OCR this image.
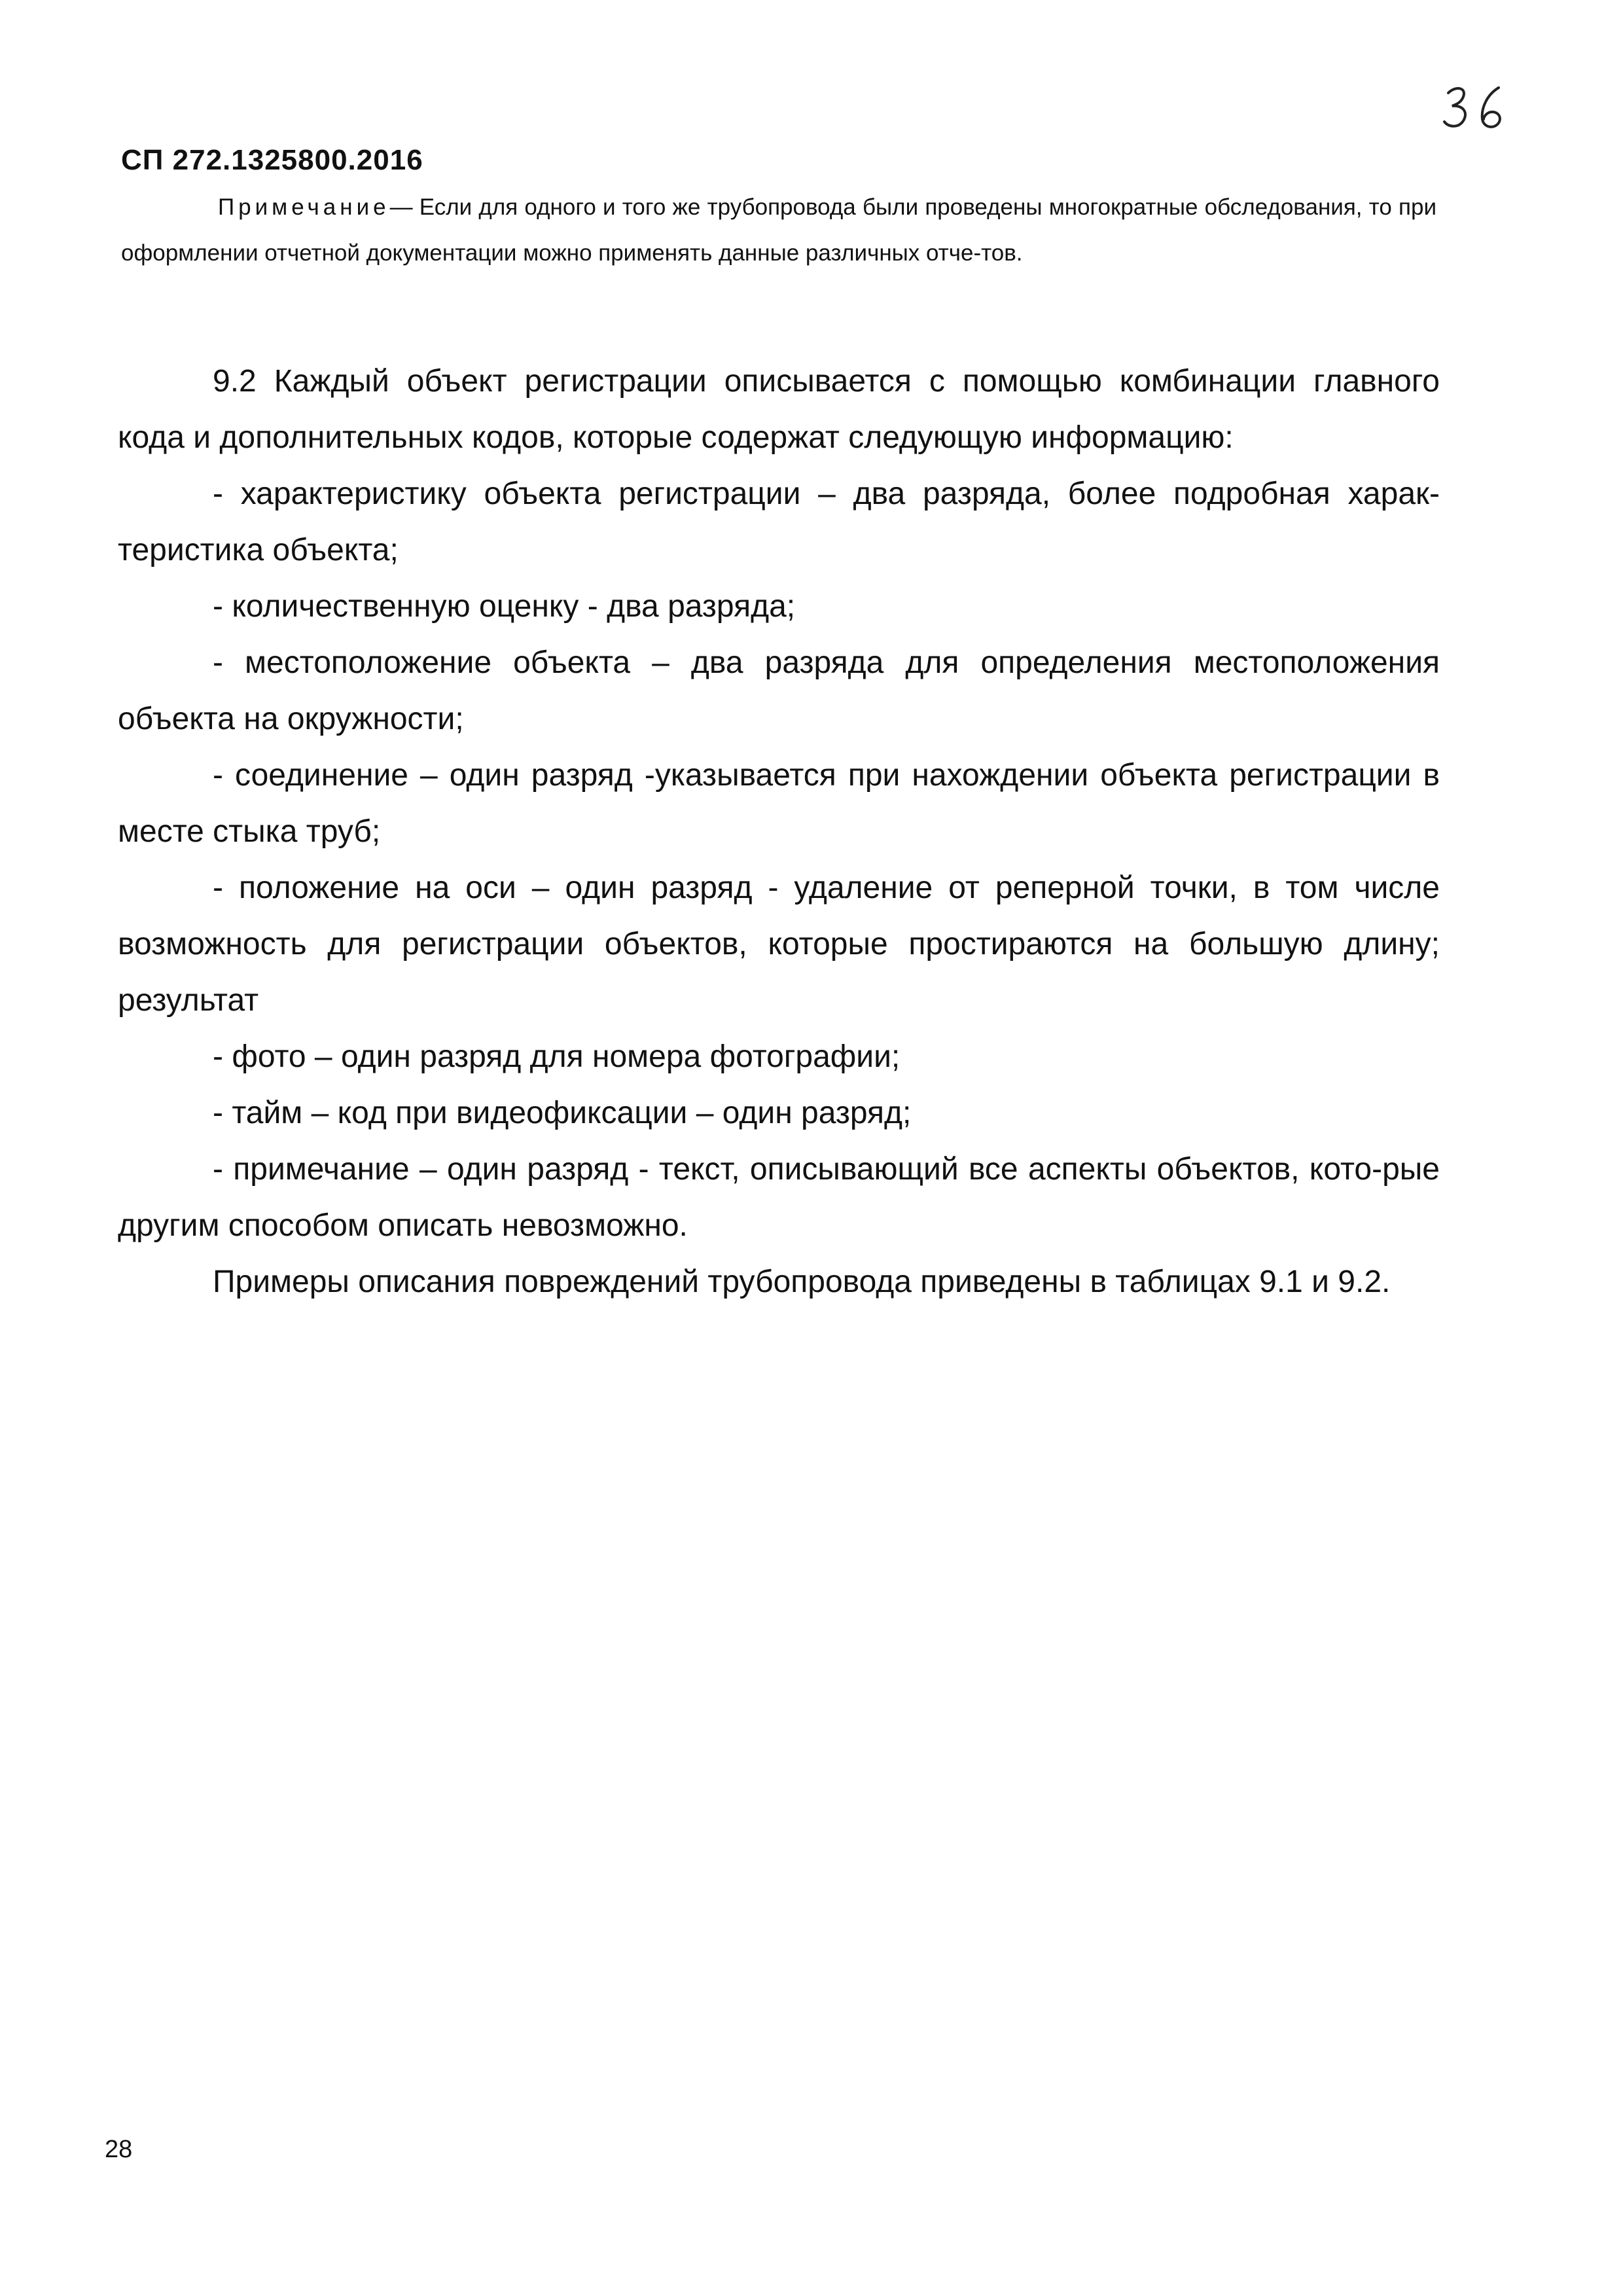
СП 272.1325800.2016
Примечание— Если для одного и того же трубопровода были проведены многократные обследования, то при оформлении отчетной документации можно применять данные различных отче-тов.

9.2 Каждый объект регистрации описывается с помощью комбинации главного кода и дополнительных кодов, которые содержат следующую информацию:

- характеристику объекта регистрации – два разряда, более подробная харак-теристика объекта;

- количественную оценку - два разряда;

- местоположение объекта – два разряда для определения местоположения объекта на окружности;

- соединение – один разряд -указывается при нахождении объекта регистрации в месте стыка труб;

- положение на оси – один разряд - удаление от реперной точки, в том числе возможность для регистрации объектов, которые простираются на большую длину; результат

- фото – один разряд для номера фотографии;

- тайм – код при видеофиксации – один разряд;

- примечание – один разряд - текст, описывающий все аспекты объектов, кото-рые другим способом описать невозможно.

Примеры описания повреждений трубопровода приведены в таблицах 9.1 и 9.2.

28
